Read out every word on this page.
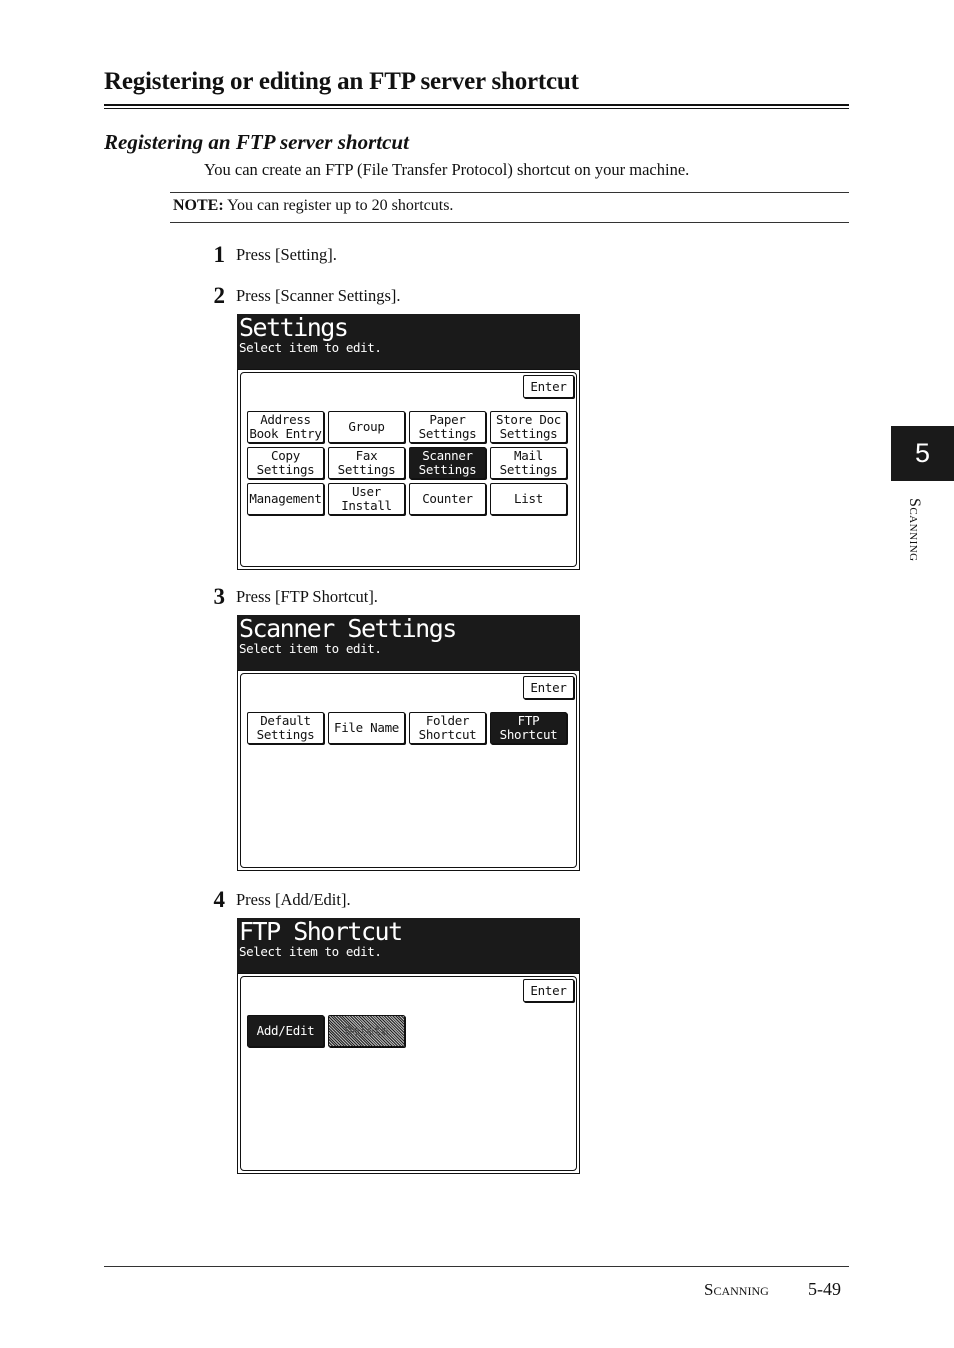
Registering or editing an FTP server shortcut
Registering an FTP server shortcut
You can create an FTP (File Transfer Protocol) shortcut on your machine.
NOTE: You can register up to 20 shortcuts.
1 Press [Setting].
2 Press [Scanner Settings].
Settings
Select item to edit.
Enter
Address
Book Entry	Group	Paper
Settings
Store Doc
Settings
Copy
Settings
Fax
Settings
Scanner
Settings
Mail
Settings
Management	User
Install	Counter	List
3 Press [FTP Shortcut].
Scanner Settings
Select item to edit.
Enter
Default
Settings	File Name	Folder
Shortcut
FTP
Shortcut
4 Press [Add/Edit].
FTP Shortcut
Select item to edit.
Enter
Add/Edit	Delete
5
Scanning
Scanning 5-49
